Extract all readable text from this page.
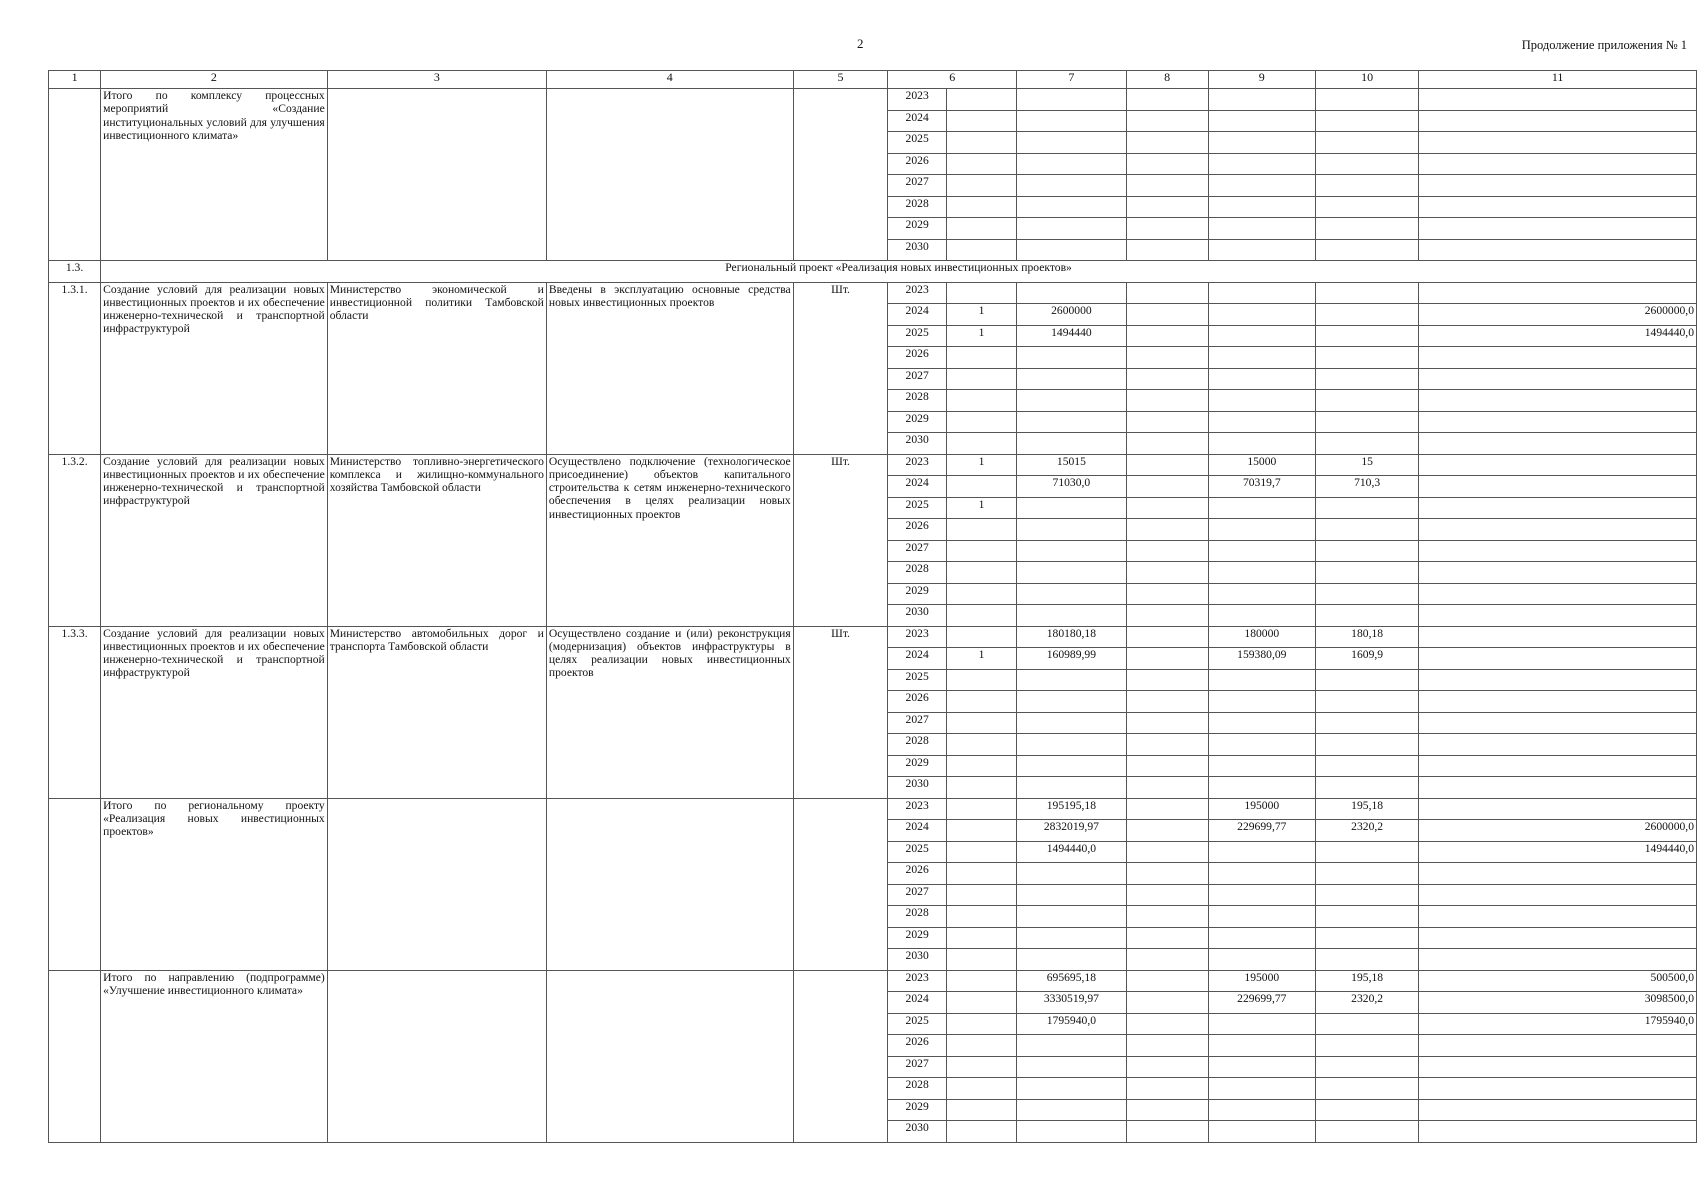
2	Продолжение приложения № 1
1	2	3	4	5	6		7	8	9	10	11
	Итого по комплексу процессных мероприятий «Создание институциональных условий для улучшения инвестиционного климата»				2023						
					2024						
					2025						
					2026						
					2027						
					2028						
					2029						
					2030						
1.3.	Региональный проект «Реализация новых инвестиционных проектов»										
1.3.1.	Создание условий для реализации новых инвестиционных проектов и их обеспечение инженерно-технической и транспортной инфраструктурой	Министерство экономической и инвестиционной политики Тамбовской области	Введены в эксплуатацию основные средства новых инвестиционных проектов	Шт.	2023						
					2024	1	2600000				2600000,0
					2025	1	1494440				1494440,0
					2026						
					2027						
					2028						
					2029						
					2030						
1.3.2.	Создание условий для реализации новых инвестиционных проектов и их обеспечение инженерно-технической и транспортной инфраструктурой	Министерство топливно-энергетического комплекса и жилищно-коммунального хозяйства Тамбовской области	Осуществлено подключение (технологическое присоединение) объектов капитального строительства к сетям инженерно-технического обеспечения в целях реализации новых инвестиционных проектов	Шт.	2023	1	15015		15000	15	
					2024		71030,0		70319,7	710,3	
					2025	1					
					2026						
					2027						
					2028						
					2029						
					2030						
1.3.3.	Создание условий для реализации новых инвестиционных проектов и их обеспечение инженерно-технической и транспортной инфраструктурой	Министерство автомобильных дорог и транспорта Тамбовской области	Осуществлено создание и (или) реконструкция (модернизация) объектов инфраструктуры в целях реализации новых инвестиционных проектов	Шт.	2023		180180,18		180000	180,18	
					2024	1	160989,99		159380,09	1609,9	
					2025						
					2026						
					2027						
					2028						
					2029						
					2030						
	Итого по региональному проекту «Реализация новых инвестиционных проектов»				2023		195195,18		195000	195,18	
					2024		2832019,97		229699,77	2320,2	2600000,0
					2025		1494440,0				1494440,0
					2026						
					2027						
					2028						
					2029						
					2030						
	Итого по направлению (подпрограмме) «Улучшение инвестиционного климата»				2023		695695,18		195000	195,18	500500,0
					2024		3330519,97		229699,77	2320,2	3098500,0
					2025		1795940,0				1795940,0
					2026						
					2027						
					2028						
					2029						
					2030						
